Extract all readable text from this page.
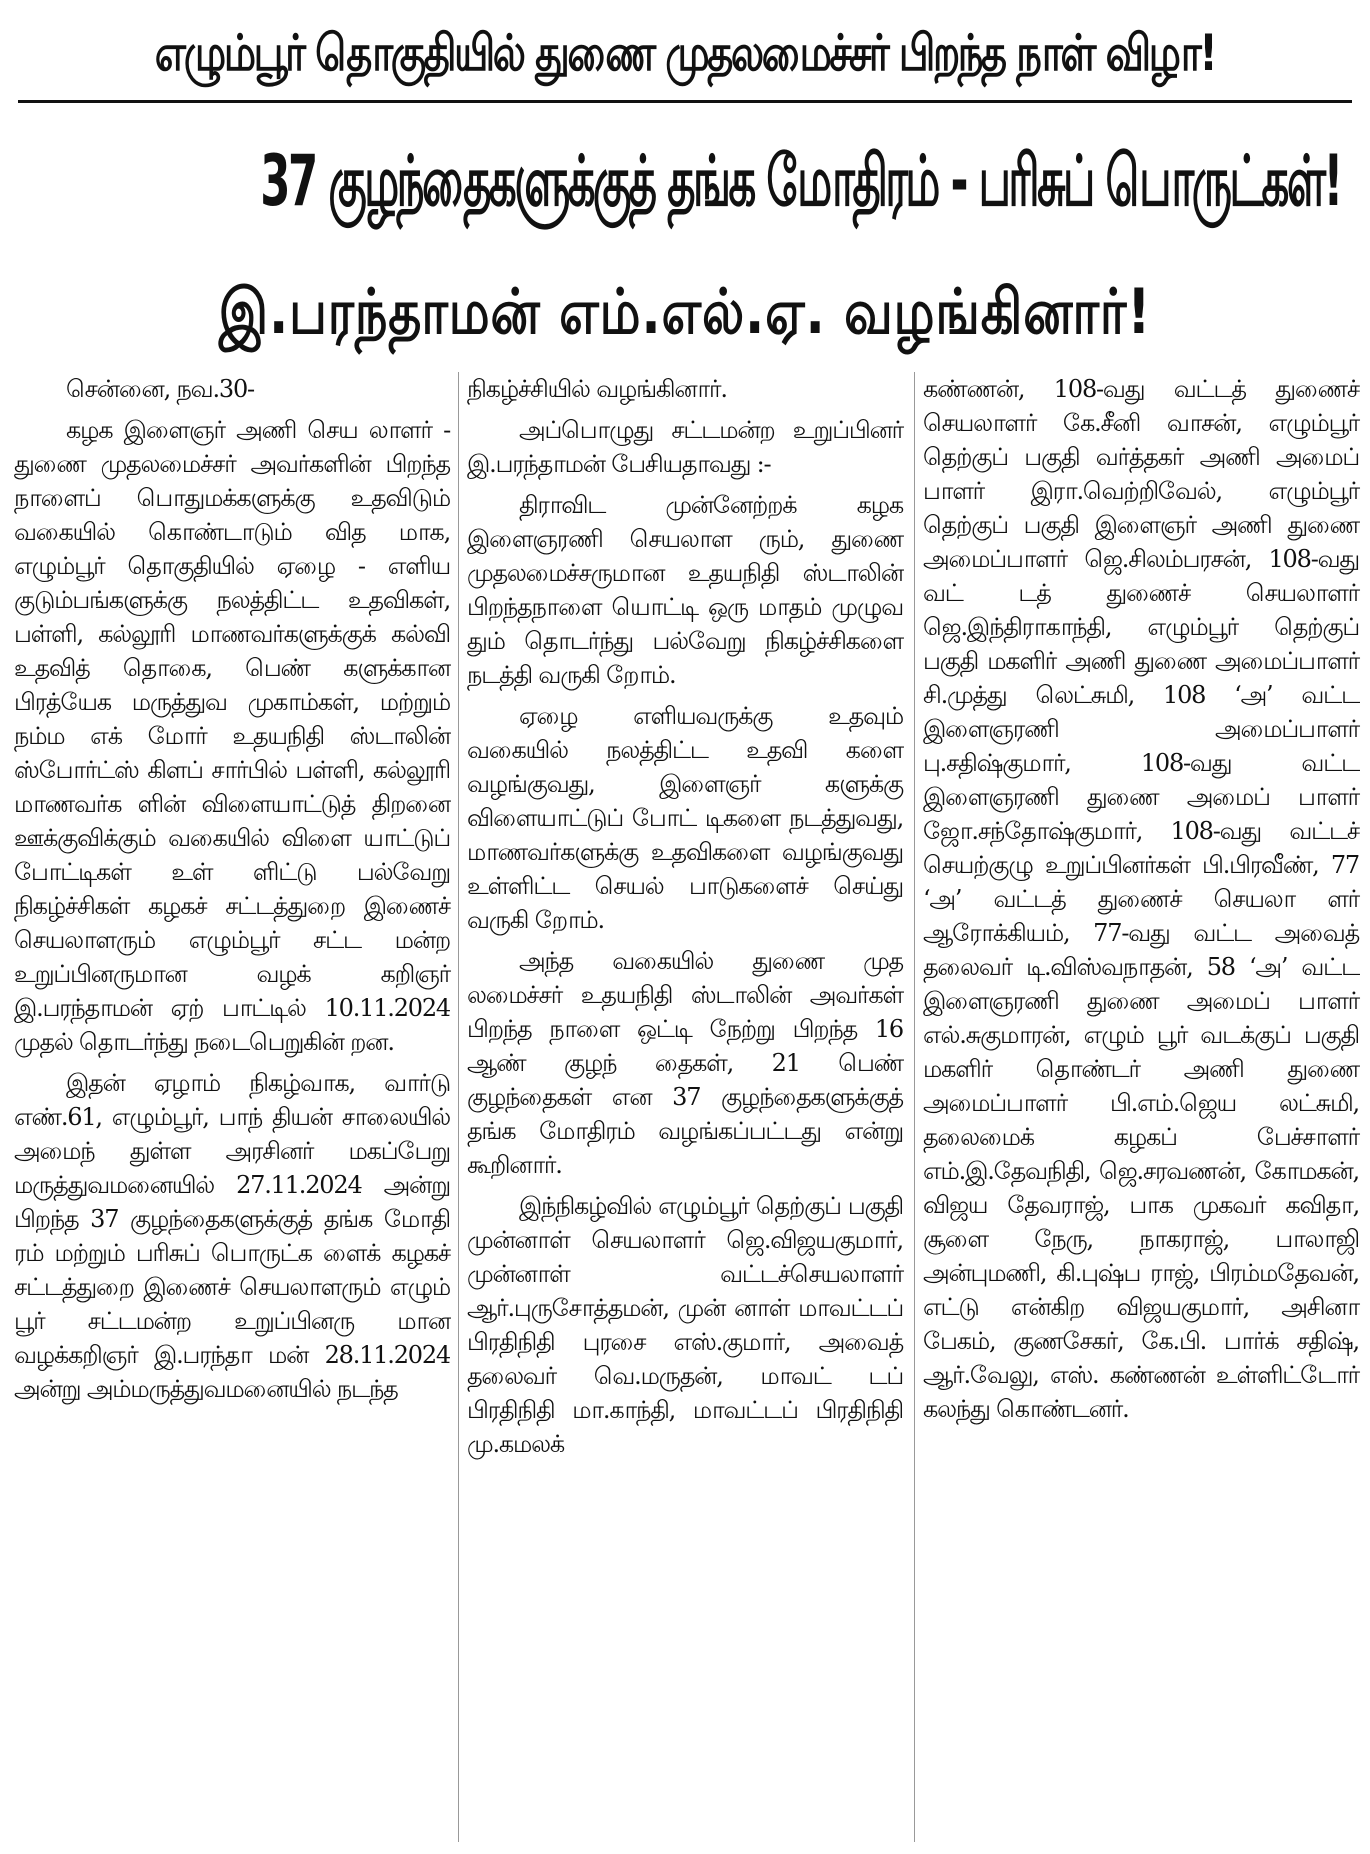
எழும்பூர் தொகுதியில் துணை முதலமைச்சர் பிறந்த நாள் விழா!
37 குழந்தைகளுக்குத் தங்க மோதிரம் - பரிசுப் பொருட்கள்!
இ.பரந்தாமன் எம்.எல்.ஏ. வழங்கினார்!

சென்னை, நவ.30-

கழக இளைஞர் அணி செய லாளர் - துணை முதலமைச்சர் அவர்களின் பிறந்த நாளைப் பொதுமக்களுக்கு உதவிடும் வகையில் கொண்டாடும் வித மாக, எழும்பூர் தொகுதியில் ஏழை - எளிய குடும்பங்களுக்கு நலத்திட்ட உதவிகள், பள்ளி, கல்லூரி மாணவர்களுக்குக் கல்வி உதவித் தொகை, பெண் களுக்கான பிரத்யேக மருத்துவ முகாம்கள், மற்றும் நம்ம எக் மோர் உதயநிதி ஸ்டாலின் ஸ்போர்ட்ஸ் கிளப் சார்பில் பள்ளி, கல்லூரி மாணவர்க ளின் விளையாட்டுத் திறனை ஊக்குவிக்கும் வகையில் விளை யாட்டுப் போட்டிகள் உள் ளிட்டு பல்வேறு நிகழ்ச்சிகள் கழகச் சட்டத்துறை இணைச் செயலாளரும் எழும்பூர் சட்ட மன்ற உறுப்பினருமான வழக் கறிஞர் இ.பரந்தாமன் ஏற் பாட்டில் 10.11.2024 முதல் தொடர்ந்து நடைபெறுகின் றன.

இதன் ஏழாம் நிகழ்வாக, வார்டு எண்.61, எழும்பூர், பாந் தியன் சாலையில் அமைந் துள்ள அரசினர் மகப்பேறு மருத்துவமனையில் 27.11.2024 அன்று பிறந்த 37 குழந்தைகளுக்குத் தங்க மோதி ரம் மற்றும் பரிசுப் பொருட்க ளைக் கழகச் சட்டத்துறை இணைச் செயலாளரும் எழும் பூர் சட்டமன்ற உறுப்பினரு மான வழக்கறிஞர் இ.பரந்தா மன் 28.11.2024 அன்று அம்மருத்துவமனையில் நடந்த

நிகழ்ச்சியில் வழங்கினார்.

அப்பொழுது சட்டமன்ற உறுப்பினர் இ.பரந்தாமன் பேசியதாவது :-

திராவிட முன்னேற்றக் கழக இளைஞரணி செயலாள ரும், துணை முதலமைச்சருமான உதயநிதி ஸ்டாலின் பிறந்தநாளை யொட்டி ஒரு மாதம் முழுவ தும் தொடர்ந்து பல்வேறு நிகழ்ச்சிகளை நடத்தி வருகி றோம்.

ஏழை எளியவருக்கு உதவும் வகையில் நலத்திட்ட உதவி களை வழங்குவது, இளைஞர் களுக்கு விளையாட்டுப் போட் டிகளை நடத்துவது, மாணவர்களுக்கு உதவிகளை வழங்குவது உள்ளிட்ட செயல் பாடுகளைச் செய்து வருகி றோம்.

அந்த வகையில் துணை முத லமைச்சர் உதயநிதி ஸ்டாலின் அவர்கள் பிறந்த நாளை ஒட்டி நேற்று பிறந்த 16 ஆண் குழந் தைகள், 21 பெண் குழந்தைகள் என 37 குழந்தைகளுக்குத் தங்க மோதிரம் வழங்கப்பட்டது என்று கூறினார்.

இந்நிகழ்வில் எழும்பூர் தெற்குப் பகுதி முன்னாள் செயலாளர் ஜெ.விஜயகுமார், முன்னாள் வட்டச்செயலாளர் ஆர்.புருசோத்தமன், முன் னாள் மாவட்டப் பிரதிநிதி புரசை எஸ்.குமார், அவைத் தலைவர் வெ.மருதன், மாவட் டப் பிரதிநிதி மா.காந்தி, மாவட்டப் பிரதிநிதி மு.கமலக்

கண்ணன், 108-வது வட்டத் துணைச் செயலாளர் கே.சீனி வாசன், எழும்பூர் தெற்குப் பகுதி வர்த்தகர் அணி அமைப் பாளர் இரா.வெற்றிவேல், எழும்பூர் தெற்குப் பகுதி இளைஞர் அணி துணை அமைப்பாளர் ஜெ.சிலம்பரசன், 108-வது வட் டத் துணைச் செயலாளர் ஜெ.இந்திராகாந்தி, எழும்பூர் தெற்குப் பகுதி மகளிர் அணி துணை அமைப்பாளர் சி.முத்து லெட்சுமி, 108 ‘அ’ வட்ட இளைஞரணி அமைப்பாளர் பு.சதிஷ்குமார், 108-வது வட்ட இளைஞரணி துணை அமைப் பாளர் ஜோ.சந்தோஷ்குமார், 108-வது வட்டச் செயற்குழு உறுப்பினர்கள் பி.பிரவீண், 77 ‘அ’ வட்டத் துணைச் செயலா ளர் ஆரோக்கியம், 77-வது வட்ட அவைத் தலைவர் டி.விஸ்வநாதன், 58 ‘அ’ வட்ட இளைஞரணி துணை அமைப் பாளர் எல்.சுகுமாரன், எழும் பூர் வடக்குப் பகுதி மகளிர் தொண்டர் அணி துணை அமைப்பாளர் பி.எம்.ஜெய லட்சுமி, தலைமைக் கழகப் பேச்சாளர் எம்.இ.தேவநிதி, ஜெ.சரவணன், கோமகன், விஜய தேவராஜ், பாக முகவர் கவிதா, சூளை நேரு, நாகராஜ், பாலாஜி அன்புமணி, கி.புஷ்ப ராஜ், பிரம்மதேவன், எட்டு என்கிற விஜயகுமார், அசினா பேகம், குணசேகர், கே.பி. பார்க் சதிஷ், ஆர்.வேலு, எஸ். கண்ணன் உள்ளிட்டோர் கலந்து கொண்டனர்.
